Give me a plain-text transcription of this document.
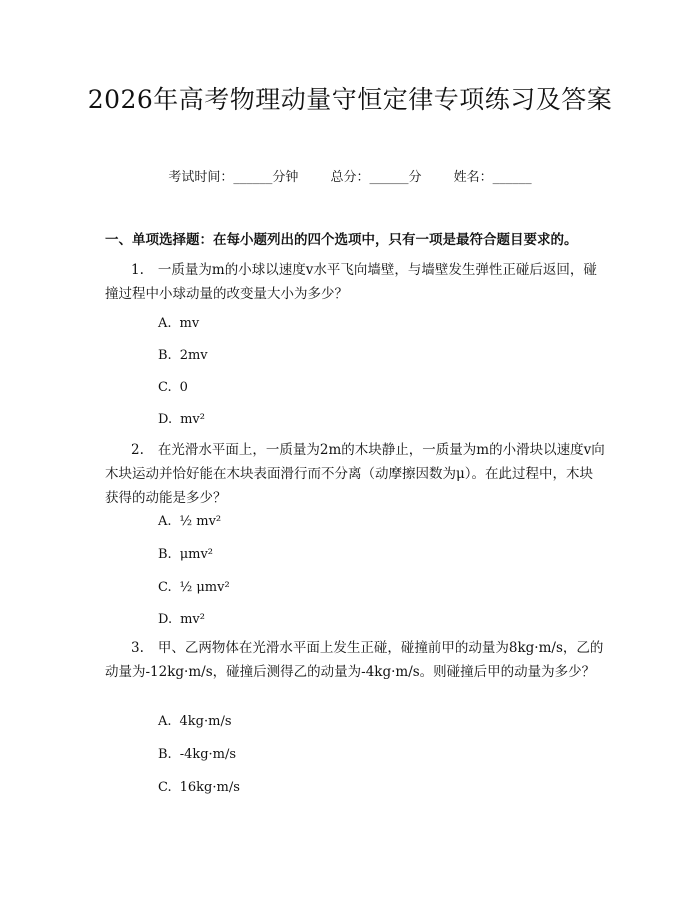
2026年高考物理动量守恒定律专项练习及答案
考试时间：______分钟 总分：______分 姓名：______
一、单项选择题：在每小题列出的四个选项中，只有一项是最符合题目要求的。
1. 一质量为m的小球以速度v水平飞向墙壁，与墙壁发生弹性正碰后返回，碰撞过程中小球动量的改变量大小为多少？
A. mv
B. 2mv
C. 0
D. mv²
2. 在光滑水平面上，一质量为2m的木块静止，一质量为m的小滑块以速度v向木块运动并恰好能在木块表面滑行而不分离（动摩擦因数为μ）。在此过程中，木块获得的动能是多少？
A. ½ mv²
B. μmv²
C. ½ μmv²
D. mv²
3. 甲、乙两物体在光滑水平面上发生正碰，碰撞前甲的动量为8kg·m/s，乙的动量为-12kg·m/s，碰撞后测得乙的动量为-4kg·m/s。则碰撞后甲的动量为多少？
A. 4kg·m/s
B. -4kg·m/s
C. 16kg·m/s
